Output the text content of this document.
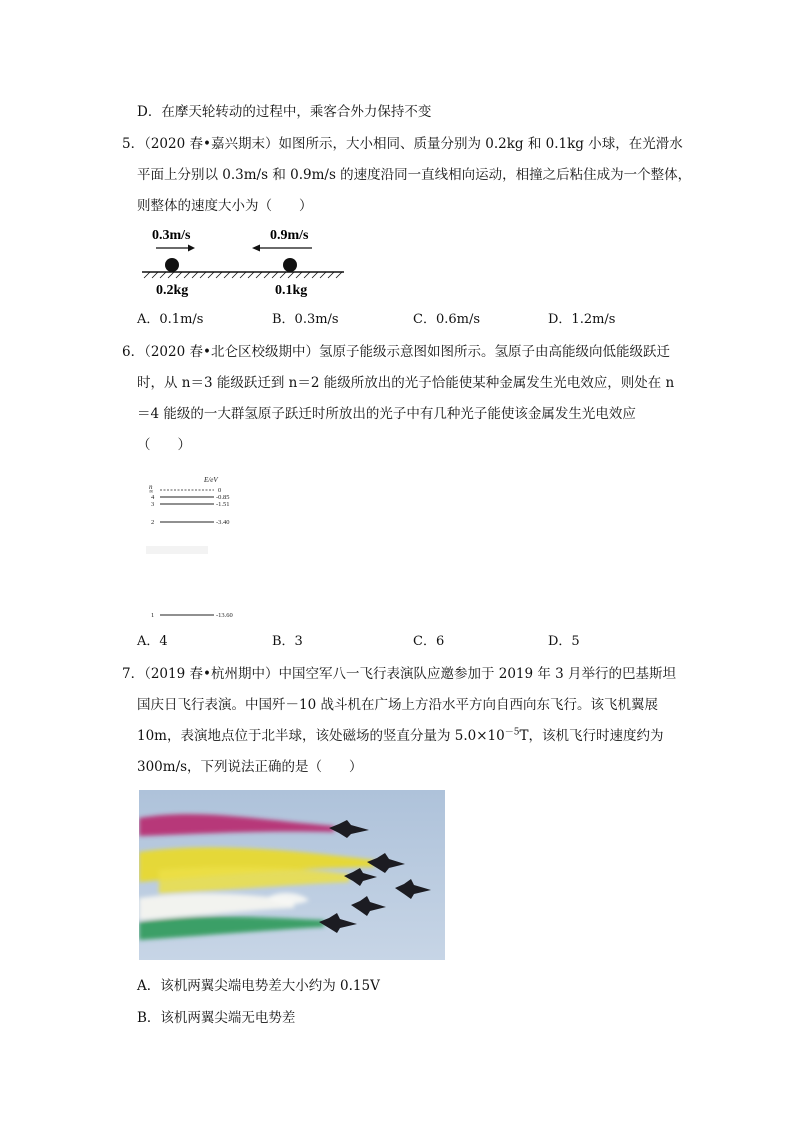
D．在摩天轮转动的过程中，乘客合外力保持不变
5．（2020 春•嘉兴期末）如图所示，大小相同、质量分别为 0.2kg 和 0.1kg 小球，在光滑水
平面上分别以 0.3m/s 和 0.9m/s 的速度沿同一直线相向运动，相撞之后粘住成为一个整体，
则整体的速度大小为（　　）
0.3m/s	0.9m/s
0.2kg	0.1kg
A．0.1m/s	B．0.3m/s	C．0.6m/s	D．1.2m/s
6．（2020 春•北仑区校级期中）氢原子能级示意图如图所示。氢原子由高能级向低能级跃迁
时，从 n＝3 能级跃迁到 n＝2 能级所放出的光子恰能使某种金属发生光电效应，则处在 n
＝4 能级的一大群氢原子跃迁时所放出的光子中有几种光子能使该金属发生光电效应
（　　）
n
E/eV
∞	0
4	-0.85
3	-1.51
2	-3.40
1	-13.60
A．4	B．3	C．6	D．5
7．（2019 春•杭州期中）中国空军八一飞行表演队应邀参加于 2019 年 3 月举行的巴基斯坦
国庆日飞行表演。中国歼－10 战斗机在广场上方沿水平方向自西向东飞行。该飞机翼展
10m，表演地点位于北半球，该处磁场的竖直分量为 $5.0\times 10^{-5}T$，该机飞行时速度约为
300m/s，下列说法正确的是（　　）
A．该机两翼尖端电势差大小约为 0.15V
B．该机两翼尖端无电势差
